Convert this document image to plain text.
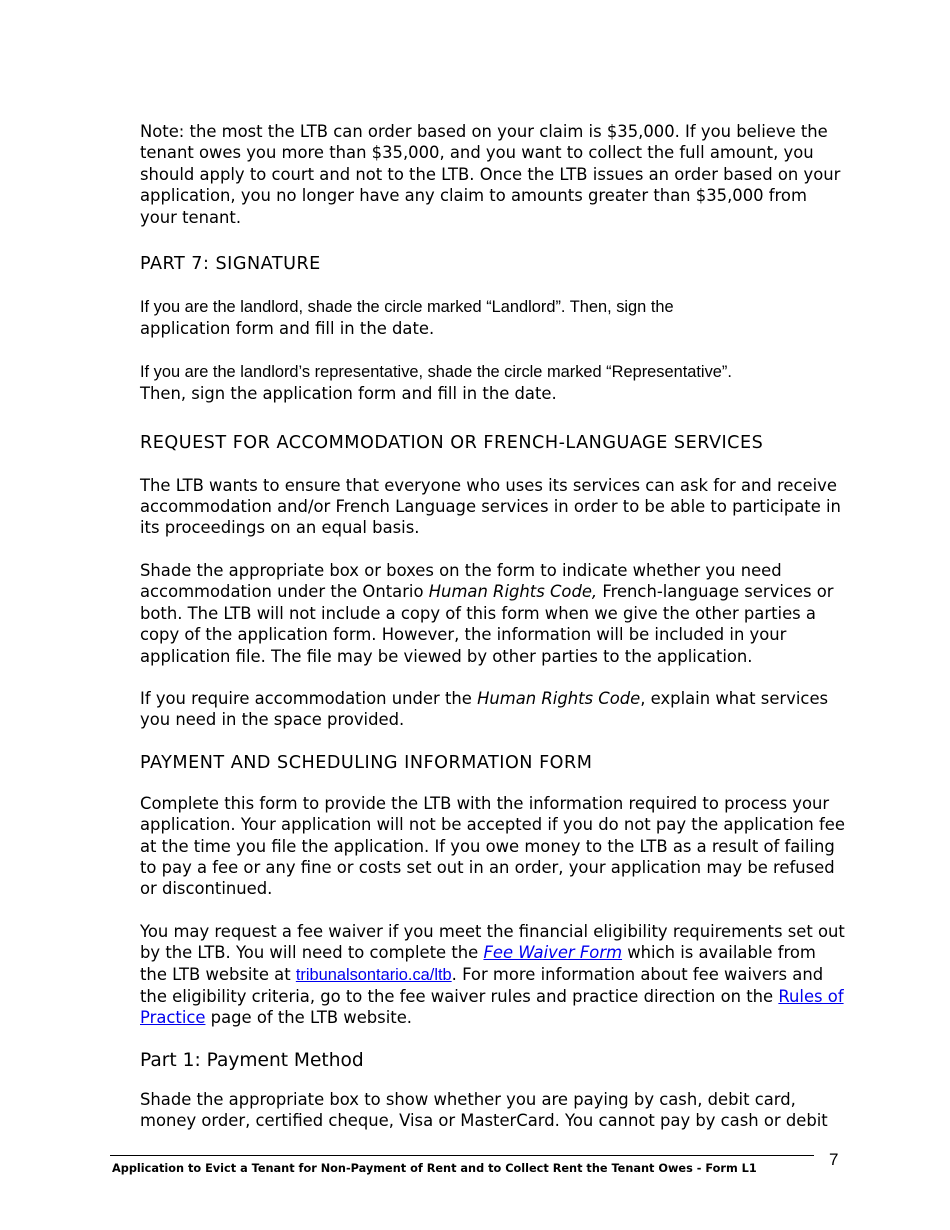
Note: the most the LTB can order based on your claim is $35,000. If you believe the tenant owes you more than $35,000, and you want to collect the full amount, you should apply to court and not to the LTB. Once the LTB issues an order based on your application, you no longer have any claim to amounts greater than $35,000 from your tenant.

PART 7: SIGNATURE

If you are the landlord, shade the circle marked “Landlord”. Then, sign the
application form and fill in the date.

If you are the landlord’s representative, shade the circle marked “Representative”.
Then, sign the application form and fill in the date.

REQUEST FOR ACCOMMODATION OR FRENCH-LANGUAGE SERVICES

The LTB wants to ensure that everyone who uses its services can ask for and receive accommodation and/or French Language services in order to be able to participate in its proceedings on an equal basis.

Shade the appropriate box or boxes on the form to indicate whether you need accommodation under the Ontario Human Rights Code, French-language services or both. The LTB will not include a copy of this form when we give the other parties a copy of the application form. However, the information will be included in your application file. The file may be viewed by other parties to the application.

If you require accommodation under the Human Rights Code, explain what services you need in the space provided.

PAYMENT AND SCHEDULING INFORMATION FORM

Complete this form to provide the LTB with the information required to process your application. Your application will not be accepted if you do not pay the application fee at the time you file the application. If you owe money to the LTB as a result of failing to pay a fee or any fine or costs set out in an order, your application may be refused or discontinued.

You may request a fee waiver if you meet the financial eligibility requirements set out by the LTB. You will need to complete the Fee Waiver Form which is available from the LTB website at tribunalsontario.ca/ltb. For more information about fee waivers and the eligibility criteria, go to the fee waiver rules and practice direction on the Rules of Practice page of the LTB website.

Part 1: Payment Method

Shade the appropriate box to show whether you are paying by cash, debit card, money order, certified cheque, Visa or MasterCard. You cannot pay by cash or debit

Application to Evict a Tenant for Non-Payment of Rent and to Collect Rent the Tenant Owes - Form L1	7
